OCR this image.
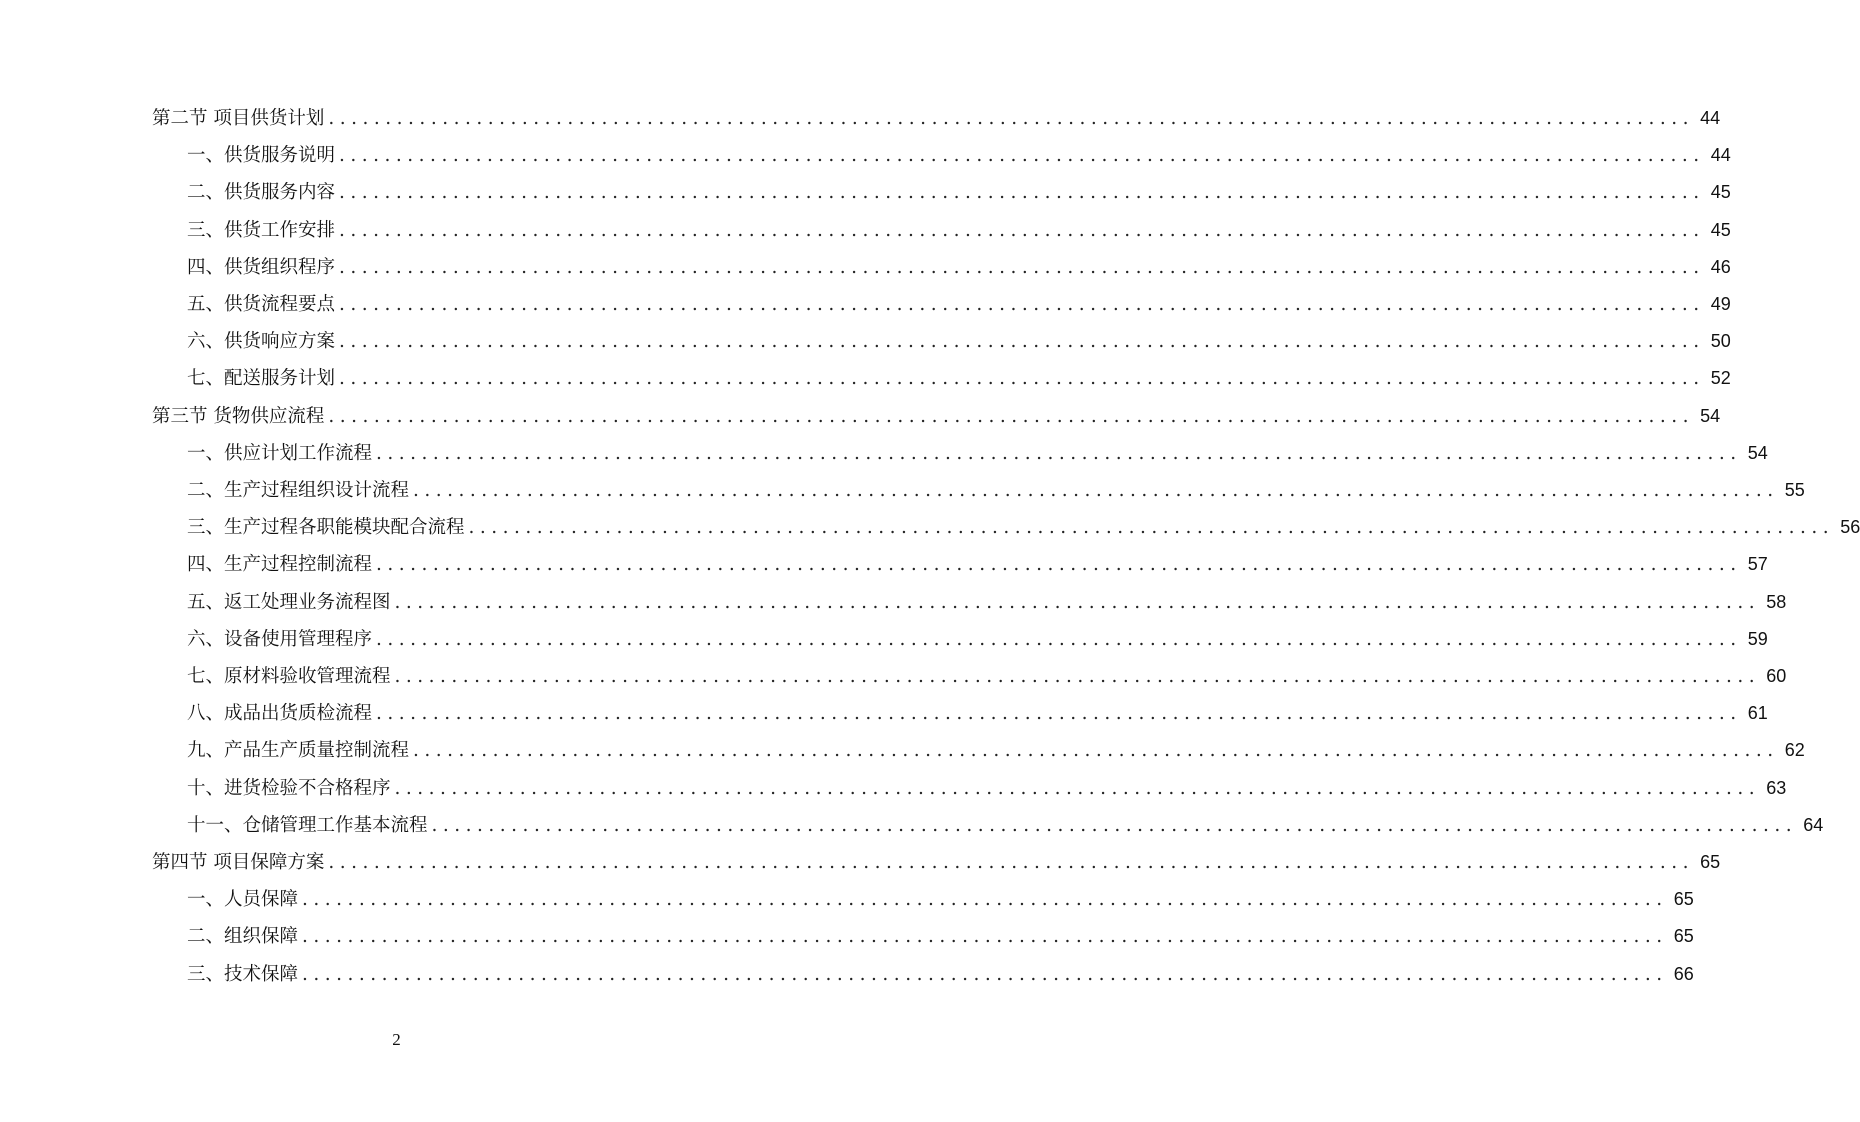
第二节 项目供货计划 ........................................................................................................................ 44
一、供货服务说明 ........................................................................................................................ 44
二、供货服务内容 ........................................................................................................................ 45
三、供货工作安排 ........................................................................................................................ 45
四、供货组织程序 ........................................................................................................................ 46
五、供货流程要点 ........................................................................................................................ 49
六、供货响应方案 ........................................................................................................................ 50
七、配送服务计划 ........................................................................................................................ 52
第三节 货物供应流程 ........................................................................................................................ 54
一、供应计划工作流程 ........................................................................................................................ 54
二、生产过程组织设计流程 ........................................................................................................................ 55
三、生产过程各职能模块配合流程 ........................................................................................................................ 56
四、生产过程控制流程 ........................................................................................................................ 57
五、返工处理业务流程图 ........................................................................................................................ 58
六、设备使用管理程序 ........................................................................................................................ 59
七、原材料验收管理流程 ........................................................................................................................ 60
八、成品出货质检流程 ........................................................................................................................ 61
九、产品生产质量控制流程 ........................................................................................................................ 62
十、进货检验不合格程序 ........................................................................................................................ 63
十一、仓储管理工作基本流程 ........................................................................................................................ 64
第四节 项目保障方案 ........................................................................................................................ 65
一、人员保障 ........................................................................................................................ 65
二、组织保障 ........................................................................................................................ 65
三、技术保障 ........................................................................................................................ 66
2
